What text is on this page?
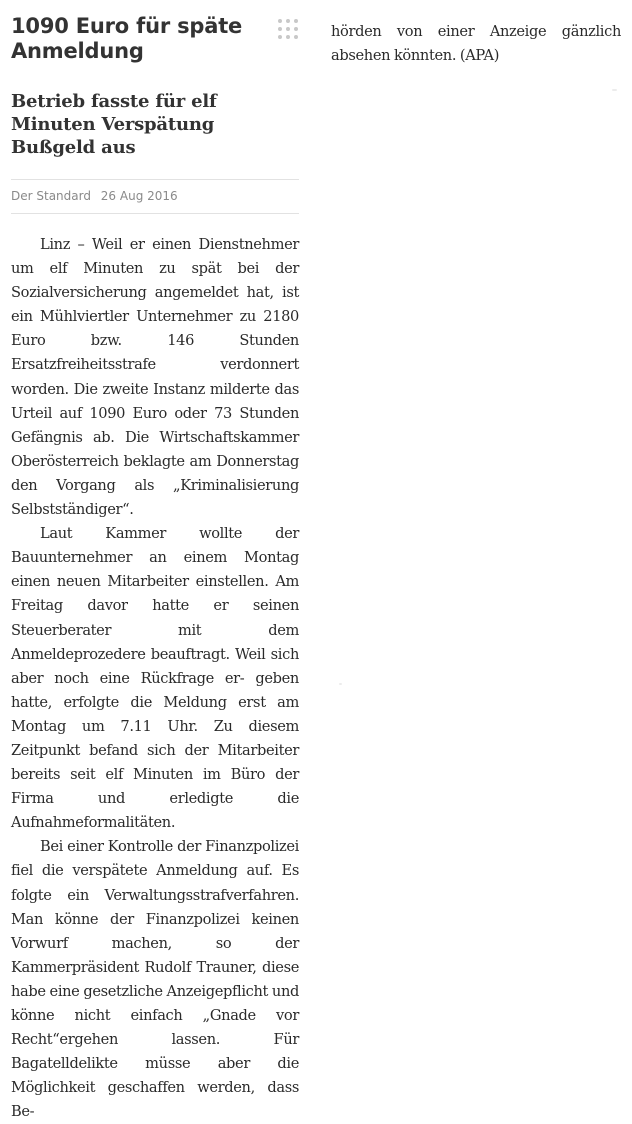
1090 Euro für späte Anmeldung
Betrieb fasste für elf Minuten Verspätung Bußgeld aus
Der Standard 26 Aug 2016

Linz – Weil er einen Dienstnehmer um elf Minuten zu spät bei der Sozialversicherung angemeldet hat, ist ein Mühlviertler Unternehmer zu 2180 Euro bzw. 146 Stunden Ersatzfreiheitsstrafe verdonnert worden. Die zweite Instanz milderte das Urteil auf 1090 Euro oder 73 Stunden Gefängnis ab. Die Wirtschaftskammer Oberösterreich beklagte am Donnerstag den Vorgang als „Kriminalisierung Selbstständiger“.

Laut Kammer wollte der Bauunternehmer an einem Montag einen neuen Mitarbeiter einstellen. Am Freitag davor hatte er seinen Steuerberater mit dem Anmeldeprozedere beauftragt. Weil sich aber noch eine Rückfrage er- geben hatte, erfolgte die Meldung erst am Montag um 7.11 Uhr. Zu diesem Zeitpunkt befand sich der Mitarbeiter bereits seit elf Minuten im Büro der Firma und erledigte die Aufnahmeformalitäten.

Bei einer Kontrolle der Finanzpolizei fiel die verspätete Anmeldung auf. Es folgte ein Verwaltungsstrafverfahren. Man könne der Finanzpolizei keinen Vorwurf machen, so der Kammerpräsident Rudolf Trauner, diese habe eine gesetzliche Anzeigepflicht und könne nicht einfach „Gnade vor Recht“ergehen lassen. Für Bagatelldelikte müsse aber die Möglichkeit geschaffen werden, dass Be-

hörden von einer Anzeige gänzlich absehen könnten. (APA)
